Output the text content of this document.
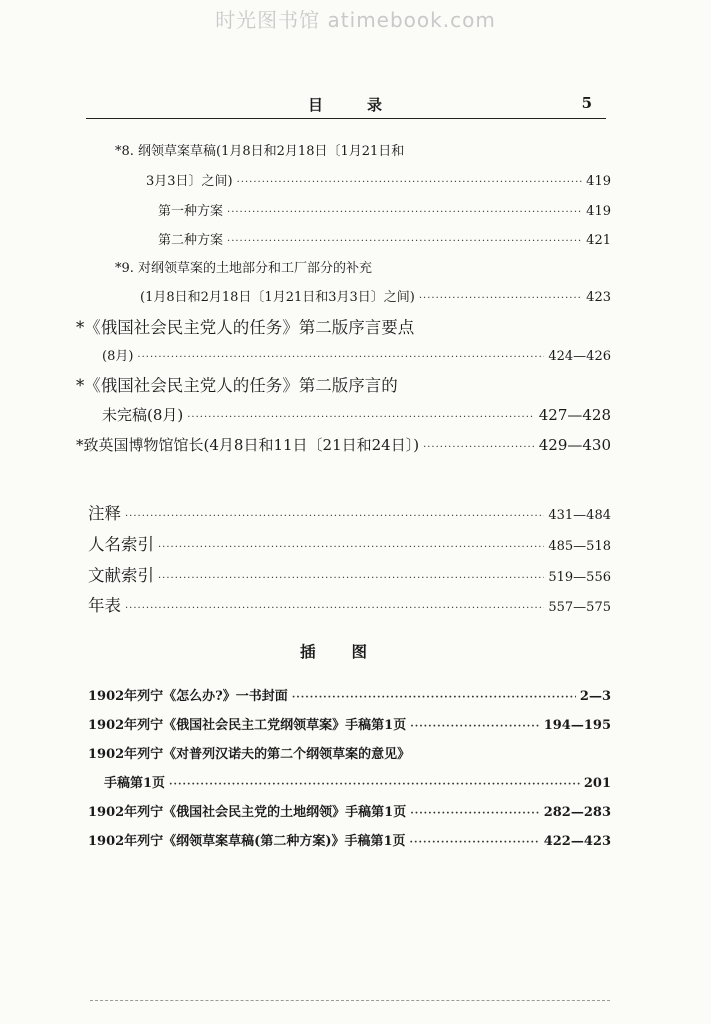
时光图书馆 atimebook.com
目录	5
*8. 纲领草案草稿(1月8日和2月18日〔1月21日和
3月3日〕之间) ·····	419
第一种方案 ·····	419
第二种方案 ·····	421
*9. 对纲领草案的土地部分和工厂部分的补充
(1月8日和2月18日〔1月21日和3月3日〕之间) ·····	423
*《俄国社会民主党人的任务》第二版序言要点
(8月) ·····	424—426
*《俄国社会民主党人的任务》第二版序言的
未完稿(8月) ·····	427—428
*致英国博物馆馆长(4月8日和11日〔21日和24日〕) ·····	429—430
注释 ·····	431—484
人名索引 ·····	485—518
文献索引 ·····	519—556
年表 ·····	557—575
插图
1902年列宁《怎么办?》一书封面 ·····	2—3
1902年列宁《俄国社会民主工党纲领草案》手稿第1页 ·····	194—195
1902年列宁《对普列汉诺夫的第二个纲领草案的意见》
手稿第1页 ·····	201
1902年列宁《俄国社会民主党的土地纲领》手稿第1页 ·····	282—283
1902年列宁《纲领草案草稿(第二种方案)》手稿第1页 ·····	422—423
